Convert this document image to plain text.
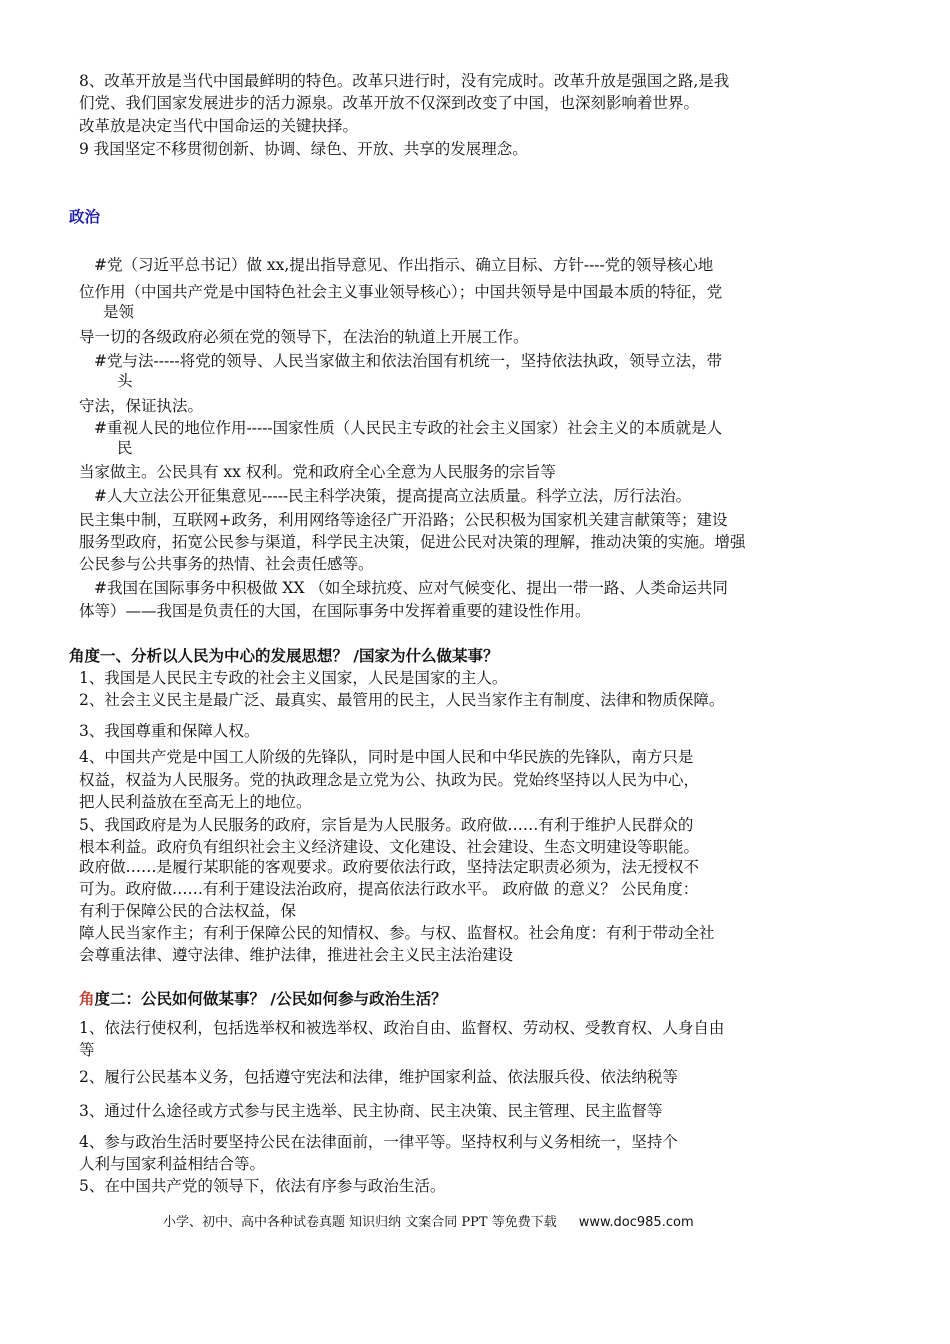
8、改革开放是当代中国最鲜明的特色。改革只进行时，没有完成时。改革升放是强国之路,是我

们党、我们国家发展进步的活力源泉。改革开放不仅深到改变了中国，也深刻影响着世界。

改革放是决定当代中国命运的关键抉择。

9 我国坚定不移贯彻创新、协调、绿色、开放、共享的发展理念。

政治

#党（习近平总书记）做 xx,提出指导意见、作出指示、确立目标、方针----党的领导核心地

位作用（中国共产党是中国特色社会主义事业领导核心）；中国共领导是中国最本质的特征，党

是领

导一切的各级政府必须在党的领导下，在法治的轨道上开展工作。

#党与法-----将党的领导、人民当家做主和依法治国有机统一，坚持依法执政，领导立法，带

头

守法，保证执法。

#重视人民的地位作用-----国家性质（人民民主专政的社会主义国家）社会主义的本质就是人

民

当家做主。公民具有 xx 权利。党和政府全心全意为人民服务的宗旨等

#人大立法公开征集意见-----民主科学决策，提高提高立法质量。科学立法，厉行法治。

民主集中制，互联网+政务，利用网络等途径广开沿路；公民积极为国家机关建言献策等；建设

服务型政府，拓宽公民参与渠道，科学民主决策，促进公民对决策的理解，推动决策的实施。增强

公民参与公共事务的热情、社会责任感等。

#我国在国际事务中积极做 XX （如全球抗疫、应对气候变化、提出一带一路、人类命运共同

体等）——我国是负责任的大国，在国际事务中发挥着重要的建设性作用。

角度一、分析以人民为中心的发展思想？ /国家为什么做某事？

1、我国是人民民主专政的社会主义国家，人民是国家的主人。

2、社会主义民主是最广泛、最真实、最管用的民主，人民当家作主有制度、法律和物质保障。

3、我国尊重和保障人权。

4、中国共产党是中国工人阶级的先锋队，同时是中国人民和中华民族的先锋队，南方只是

权益，权益为人民服务。党的执政理念是立党为公、执政为民。党始终坚持以人民为中心，

把人民利益放在至高无上的地位。

5、我国政府是为人民服务的政府，宗旨是为人民服务。政府做……有利于维护人民群众的

根本利益。政府负有组织社会主义经济建设、文化建设、社会建设、生态文明建设等职能。

政府做……是履行某职能的客观要求。政府要依法行政，坚持法定职责必须为，法无授权不

可为。政府做……有利于建设法治政府，提高依法行政水平。 政府做 的意义？ 公民角度：

有利于保障公民的合法权益，保

障人民当家作主；有利于保障公民的知情权、参。与权、监督权。社会角度：有利于带动全社

会尊重法律、遵守法律、维护法律，推进社会主义民主法治建设

角度二：公民如何做某事？ /公民如何参与政治生活？

1、依法行使权利，包括选举权和被选举权、政治自由、监督权、劳动权、受教育权、人身自由

等

2、履行公民基本义务，包括遵守宪法和法律，维护国家利益、依法服兵役、依法纳税等

3、通过什么途径或方式参与民主选举、民主协商、民主决策、民主管理、民主监督等

4、参与政治生活时要坚持公民在法律面前，一律平等。坚持权利与义务相统一，坚持个

人利与国家利益相结合等。

5、在中国共产党的领导下，依法有序参与政治生活。

小学、初中、高中各种试卷真题 知识归纳 文案合同 PPT 等免费下载 www.doc985.com
